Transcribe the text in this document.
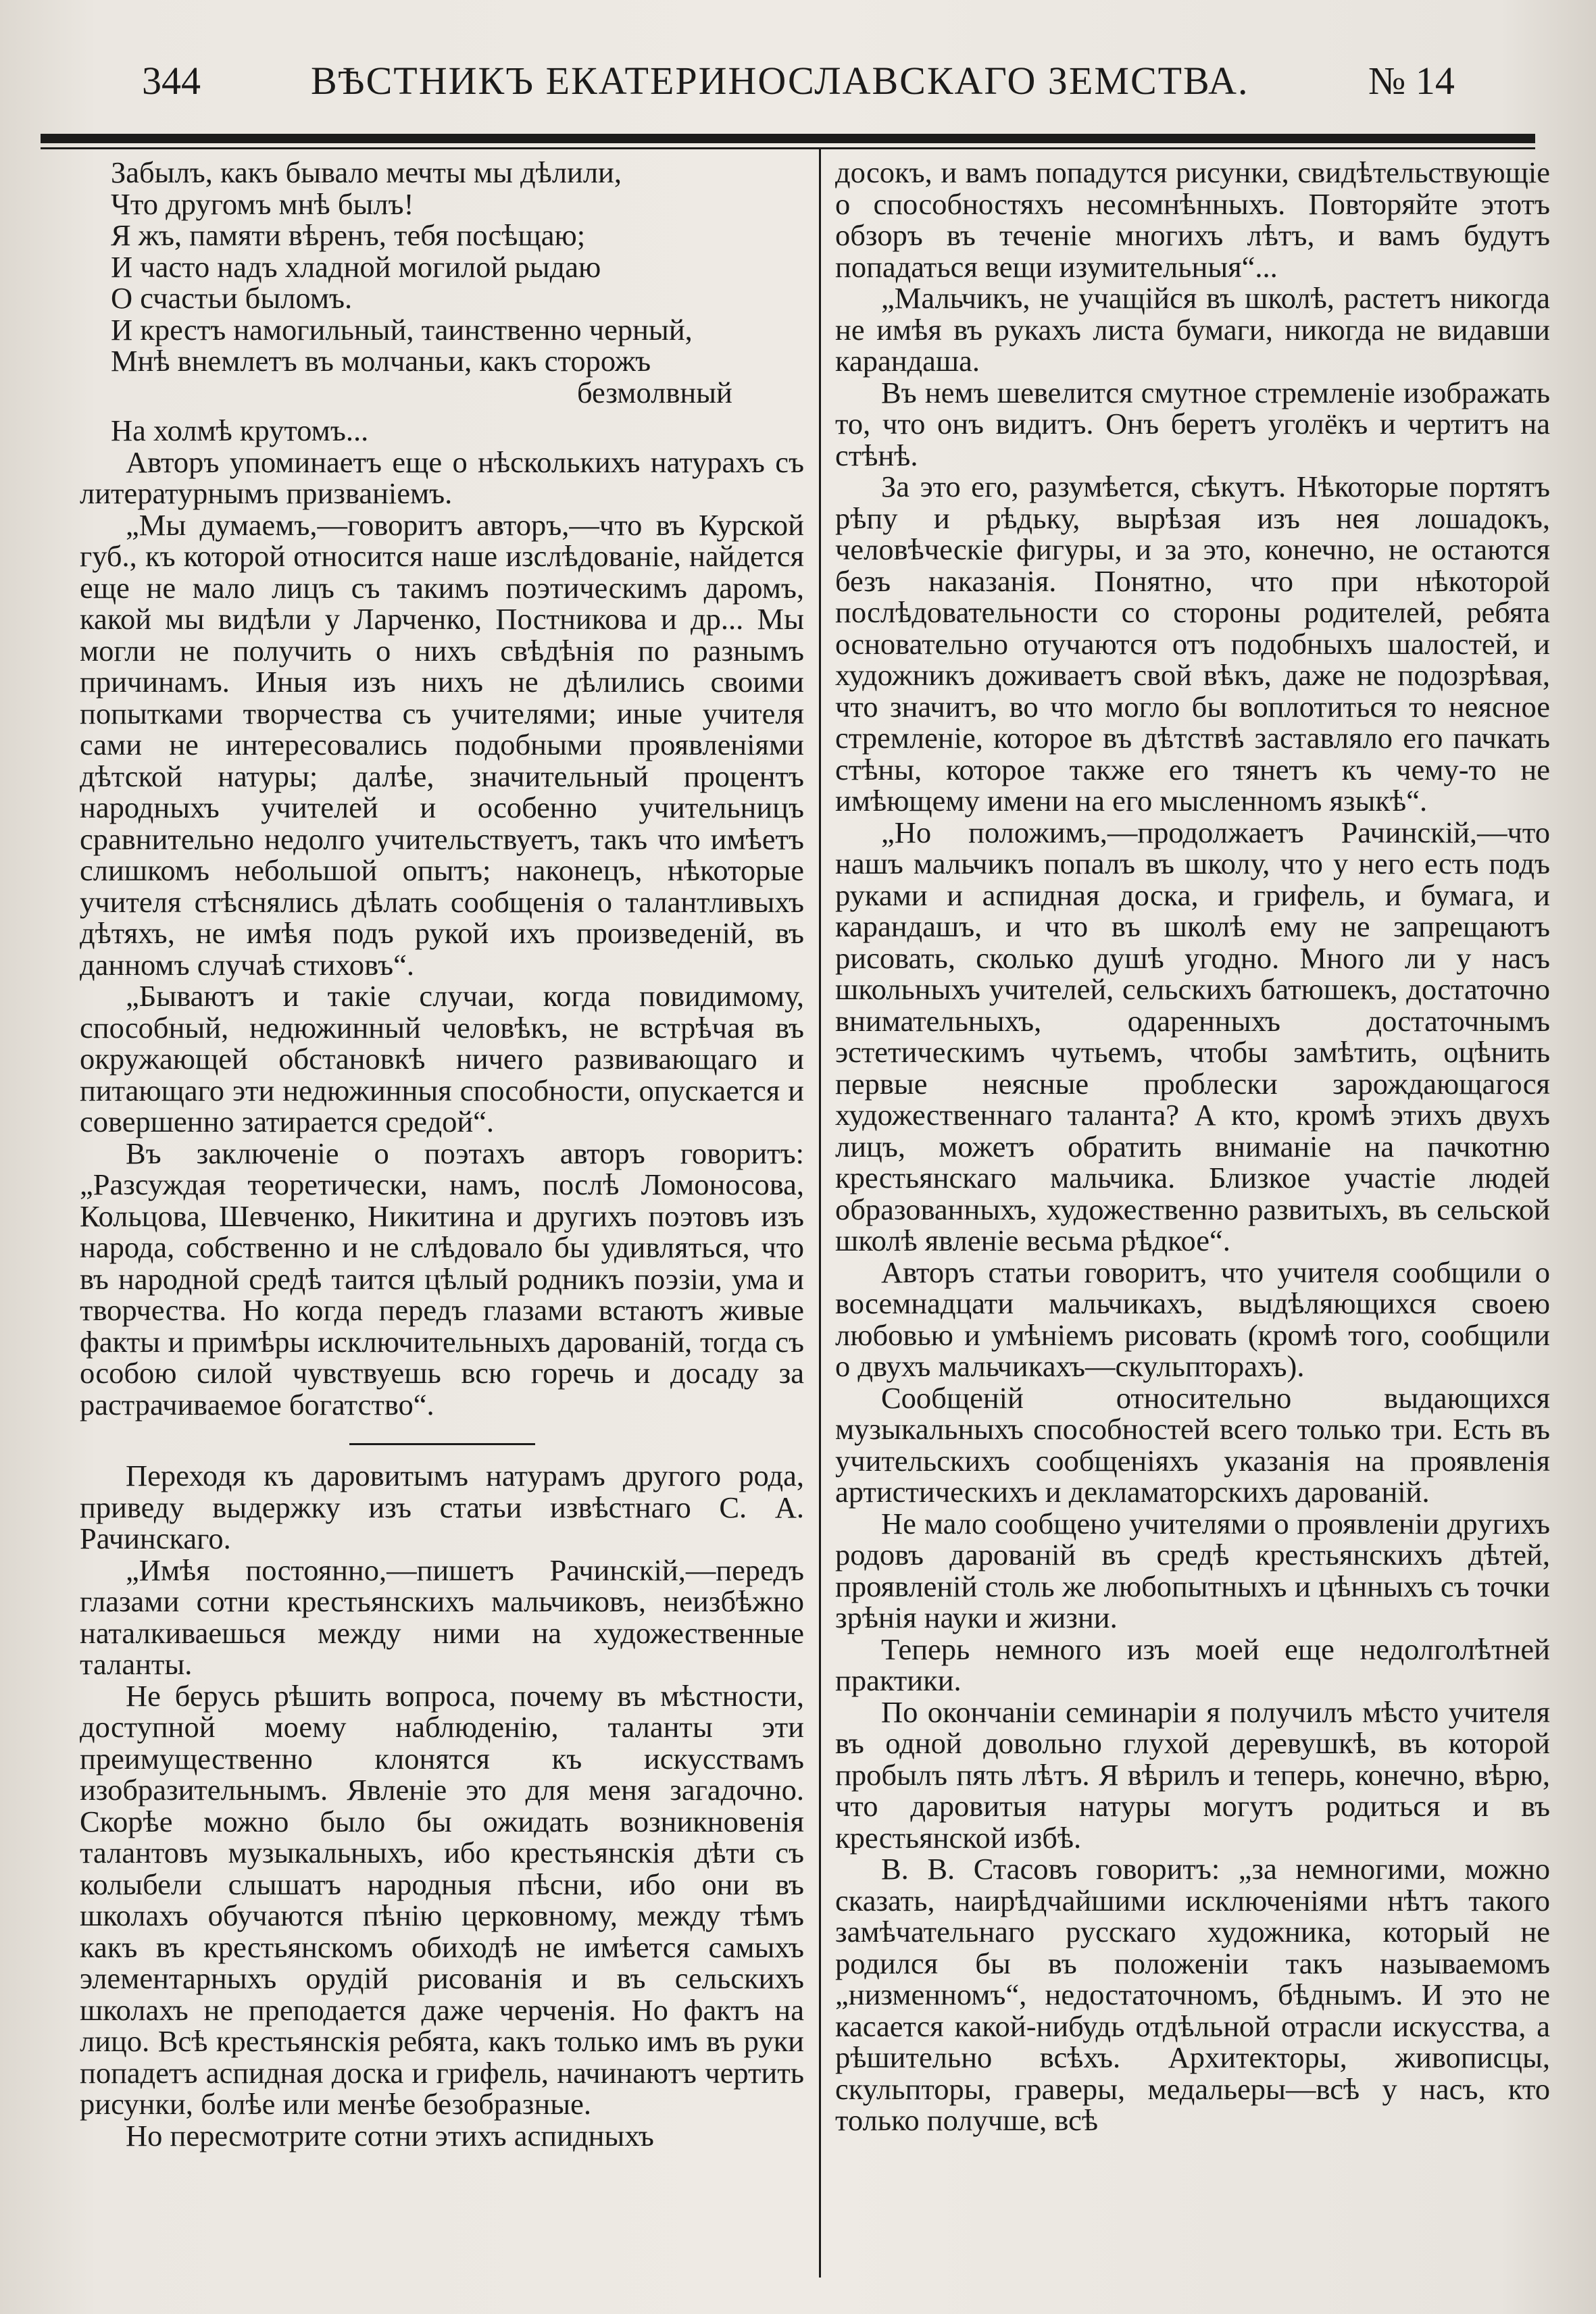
344	ВѢСТНИКЪ ЕКАТЕРИНОСЛАВСКАГО ЗЕМСТВА.	№ 14
Забылъ, какъ бывало мечты мы дѣлили,
Что другомъ мнѣ былъ!
Я жъ, памяти вѣренъ, тебя посѣщаю;
И часто надъ хладной могилой рыдаю
О счастьи быломъ.
И крестъ намогильный, таинственно черный,
Мнѣ внемлетъ въ молчаньи, какъ сторожъ
безмолвный
На холмѣ крутомъ...

Авторъ упоминаетъ еще о нѣсколькихъ натурахъ съ литературнымъ призваніемъ.

„Мы думаемъ,—говоритъ авторъ,—что въ Курской губ., къ которой относится наше изслѣдованіе, найдется еще не мало лицъ съ такимъ поэтическимъ даромъ, какой мы видѣли у Ларченко, Постникова и др... Мы могли не получить о нихъ свѣдѣнія по разнымъ причинамъ. Иныя изъ нихъ не дѣлились своими попытками творчества съ учителями; иные учителя сами не интересовались подобными проявленіями дѣтской натуры; далѣе, значительный процентъ народныхъ учителей и особенно учительницъ сравнительно недолго учительствуетъ, такъ что имѣетъ слишкомъ небольшой опытъ; наконецъ, нѣкоторые учителя стѣснялись дѣлать сообщенія о талантливыхъ дѣтяхъ, не имѣя подъ рукой ихъ произведеній, въ данномъ случаѣ стиховъ“.

„Бываютъ и такіе случаи, когда повидимому, способный, недюжинный человѣкъ, не встрѣчая въ окружающей обстановкѣ ничего развивающаго и питающаго эти недюжинныя способности, опускается и совершенно затирается средой“.

Въ заключеніе о поэтахъ авторъ говоритъ: „Разсуждая теоретически, намъ, послѣ Ломоносова, Кольцова, Шевченко, Никитина и другихъ поэтовъ изъ народа, собственно и не слѣдовало бы удивляться, что въ народной средѣ таится цѣлый родникъ поэзіи, ума и творчества. Но когда передъ глазами встаютъ живые факты и примѣры исключительныхъ дарованій, тогда съ особою силой чувствуешь всю горечь и досаду за растрачиваемое богатство“.

Переходя къ даровитымъ натурамъ другого рода, приведу выдержку изъ статьи извѣстнаго С. А. Рачинскаго.

„Имѣя постоянно,—пишетъ Рачинскій,—передъ глазами сотни крестьянскихъ мальчиковъ, неизбѣжно наталкиваешься между ними на художественные таланты.

Не берусь рѣшить вопроса, почему въ мѣстности, доступной моему наблюденію, таланты эти преимущественно клонятся къ искусствамъ изобразительнымъ. Явленіе это для меня загадочно. Скорѣе можно было бы ожидать возникновенія талантовъ музыкальныхъ, ибо крестьянскія дѣти съ колыбели слышатъ народныя пѣсни, ибо они въ школахъ обучаются пѣнію церковному, между тѣмъ какъ въ крестьянскомъ обиходѣ не имѣется самыхъ элементарныхъ орудій рисованія и въ сельскихъ школахъ не преподается даже черченія. Но фактъ на лицо. Всѣ крестьянскія ребята, какъ только имъ въ руки попадетъ аспидная доска и грифель, начинаютъ чертить рисунки, болѣе или менѣе безобразные.

Но пересмотрите сотни этихъ аспидныхъ

досокъ, и вамъ попадутся рисунки, свидѣтельствующіе о способностяхъ несомнѣнныхъ. Повторяйте этотъ обзоръ въ теченіе многихъ лѣтъ, и вамъ будутъ попадаться вещи изумительныя“...

„Мальчикъ, не учащійся въ школѣ, растетъ никогда не имѣя въ рукахъ листа бумаги, никогда не видавши карандаша.

Въ немъ шевелится смутное стремленіе изображать то, что онъ видитъ. Онъ беретъ уголёкъ и чертитъ на стѣнѣ.

За это его, разумѣется, сѣкутъ. Нѣкоторые портятъ рѣпу и рѣдьку, вырѣзая изъ нея лошадокъ, человѣческіе фигуры, и за это, конечно, не остаются безъ наказанія. Понятно, что при нѣкоторой послѣдовательности со стороны родителей, ребята основательно отучаются отъ подобныхъ шалостей, и художникъ доживаетъ свой вѣкъ, даже не подозрѣвая, что значитъ, во что могло бы воплотиться то неясное стремленіе, которое въ дѣтствѣ заставляло его пачкать стѣны, которое также его тянетъ къ чему-то не имѣющему имени на его мысленномъ языкѣ“.

„Но положимъ,—продолжаетъ Рачинскій,—что нашъ мальчикъ попалъ въ школу, что у него есть подъ руками и аспидная доска, и грифель, и бумага, и карандашъ, и что въ школѣ ему не запрещаютъ рисовать, сколько душѣ угодно. Много ли у насъ школьныхъ учителей, сельскихъ батюшекъ, достаточно внимательныхъ, одаренныхъ достаточнымъ эстетическимъ чутьемъ, чтобы замѣтить, оцѣнить первые неясные проблески зарождающагося художественнаго таланта? А кто, кромѣ этихъ двухъ лицъ, можетъ обратить вниманіе на пачкотню крестьянскаго мальчика. Близкое участіе людей образованныхъ, художественно развитыхъ, въ сельской школѣ явленіе весьма рѣдкое“.

Авторъ статьи говоритъ, что учителя сообщили о восемнадцати мальчикахъ, выдѣляющихся своею любовью и умѣніемъ рисовать (кромѣ того, сообщили о двухъ мальчикахъ—скульпторахъ).

Сообщеній относительно выдающихся музыкальныхъ способностей всего только три. Есть въ учительскихъ сообщеніяхъ указанія на проявленія артистическихъ и декламаторскихъ дарованій.

Не мало сообщено учителями о проявленіи другихъ родовъ дарованій въ средѣ крестьянскихъ дѣтей, проявленій столь же любопытныхъ и цѣнныхъ съ точки зрѣнія науки и жизни.

Теперь немного изъ моей еще недолголѣтней практики.

По окончаніи семинаріи я получилъ мѣсто учителя въ одной довольно глухой деревушкѣ, въ которой пробылъ пять лѣтъ. Я вѣрилъ и теперь, конечно, вѣрю, что даровитыя натуры могутъ родиться и въ крестьянской избѣ.

В. В. Стасовъ говоритъ: „за немногими, можно сказать, наирѣдчайшими исключеніями нѣтъ такого замѣчательнаго русскаго художника, который не родился бы въ положеніи такъ называемомъ „низменномъ“, недостаточномъ, бѣднымъ. И это не касается какой-нибудь отдѣльной отрасли искусства, а рѣшительно всѣхъ. Архитекторы, живописцы, скульпторы, граверы, медальеры—всѣ у насъ, кто только получше, всѣ
